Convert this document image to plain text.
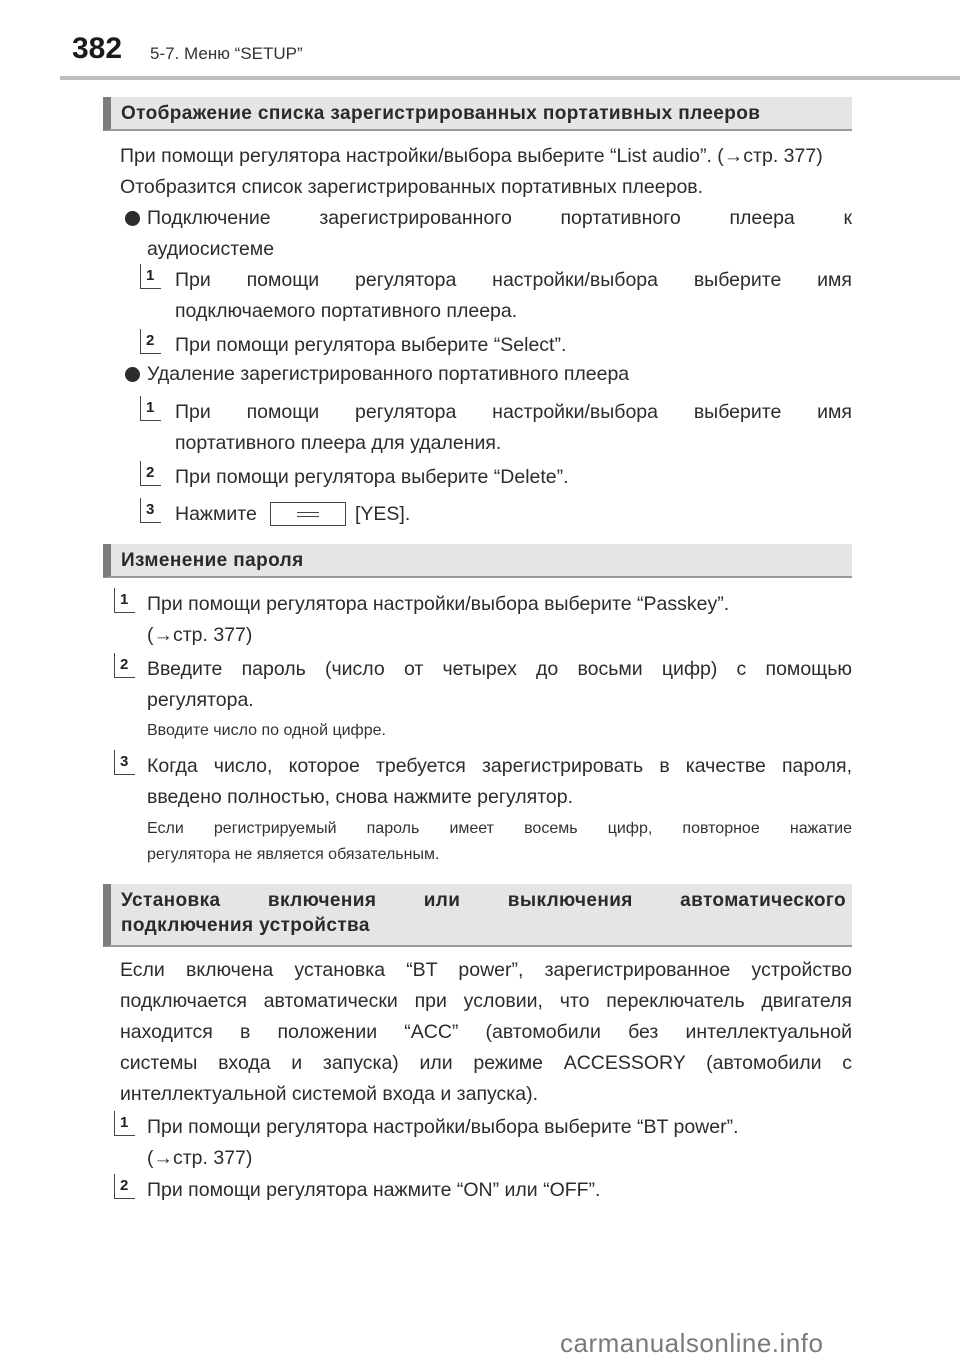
382 5-7. Меню “SETUP”
Отображение списка зарегистрированных портативных плееров
При помощи регулятора настройки/выбора выберите “List audio”. (→стр. 377)
Отобразится список зарегистрированных портативных плееров.
Подключение зарегистрированного портативного плеера к
аудиосистеме
1 При помощи регулятора настройки/выбора выберите имя
подключаемого портативного плеера.
2 При помощи регулятора выберите “Select”.
Удаление зарегистрированного портативного плеера
1 При помощи регулятора настройки/выбора выберите имя
портативного плеера для удаления.
2 При помощи регулятора выберите “Delete”.
3 Нажмите	[YES].
Изменение пароля
1 При помощи регулятора настройки/выбора выберите “Passkey”.
(→стр. 377)
2 Введите пароль (число от четырех до восьми цифр) с помощью
регулятора.
Вводите число по одной цифре.
3 Когда число, которое требуется зарегистрировать в качестве пароля,
введено полностью, снова нажмите регулятор.
Если регистрируемый пароль имеет восемь цифр, повторное нажатие
регулятора не является обязательным.
Установка включения или выключения автоматического
подключения устройства
Если включена установка “BT power”, зарегистрированное устройство
подключается автоматически при условии, что переключатель двигателя
находится в положении “ACC” (автомобили без интеллектуальной
системы входа и запуска) или режиме ACCESSORY (автомобили с
интеллектуальной системой входа и запуска).
1 При помощи регулятора настройки/выбора выберите “BT power”.
(→стр. 377)
2 При помощи регулятора нажмите “ON” или “OFF”.
carmanualsonline.info
